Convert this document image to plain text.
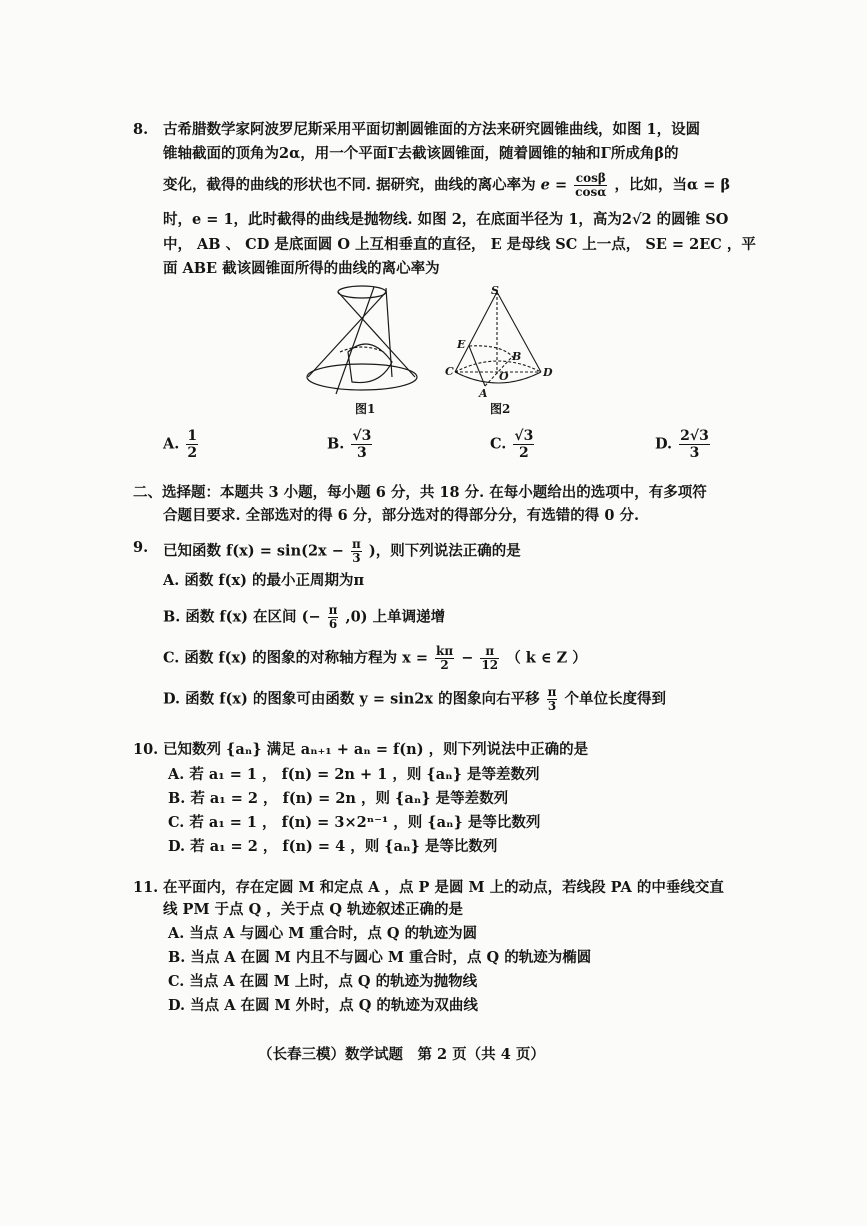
8. 古希腊数学家阿波罗尼斯采用平面切割圆锥面的方法来研究圆锥曲线，如图 1，设圆
锥轴截面的顶角为2α，用一个平面Γ去截该圆锥面，随着圆锥的轴和Γ所成角β的
变化，截得的曲线的形状也不同. 据研究，曲线的离心率为 $e = \frac{\cos\beta}{\cos\alpha}$ ，比如，当α = β
时，e = 1，此时截得的曲线是抛物线. 如图 2，在底面半径为 1，高为2√2 的圆锥 SO
中， AB 、 CD 是底面圆 O 上互相垂直的直径， E 是母线 SC 上一点， SE = 2EC ，平
面 ABE 截该圆锥面所得的曲线的离心率为
图1
S
E
B
C	O	D
A
图2
A. $\frac{1}{2}$	B. $\frac{√3}{3}$	C. $\frac{√3}{2}$	D. $\frac{2√3}{3}$
二、选择题：本题共 3 小题，每小题 6 分，共 18 分. 在每小题给出的选项中，有多项符
合题目要求. 全部选对的得 6 分，部分选对的得部分分，有选错的得 0 分.
9. 已知函数 $f(x) = \sin(2x - \frac{\pi}{3}$ )，则下列说法正确的是
A. 函数 f(x) 的最小正周期为π
B. 函数 f(x) 在区间 (− $\frac{\pi}{6} ,0$) 上单调递增
C. 函数 f(x) 的图象的对称轴方程为 $x = \frac{k\pi}{2} - \frac{\pi}{12}$ （ k ∈ Z ）
D. 函数 f(x) 的图象可由函数 y = sin2x 的图象向右平移 $\frac{\pi}{3}$ 个单位长度得到
10. 已知数列 {aₙ} 满足 aₙ₊₁ + aₙ = f(n) ，则下列说法中正确的是
A. 若 a₁ = 1 ， f(n) = 2n + 1 ，则 {aₙ} 是等差数列
B. 若 a₁ = 2 ， f(n) = 2n ，则 {aₙ} 是等差数列
C. 若 a₁ = 1 ， f(n) = 3×2ⁿ⁻¹ ，则 {aₙ} 是等比数列
D. 若 a₁ = 2 ， f(n) = 4 ，则 {aₙ} 是等比数列
11. 在平面内，存在定圆 M 和定点 A ，点 P 是圆 M 上的动点，若线段 PA 的中垂线交直
线 PM 于点 Q ，关于点 Q 轨迹叙述正确的是
A. 当点 A 与圆心 M 重合时，点 Q 的轨迹为圆
B. 当点 A 在圆 M 内且不与圆心 M 重合时，点 Q 的轨迹为椭圆
C. 当点 A 在圆 M 上时，点 Q 的轨迹为抛物线
D. 当点 A 在圆 M 外时，点 Q 的轨迹为双曲线
（长春三模）数学试题　第 2 页（共 4 页）
